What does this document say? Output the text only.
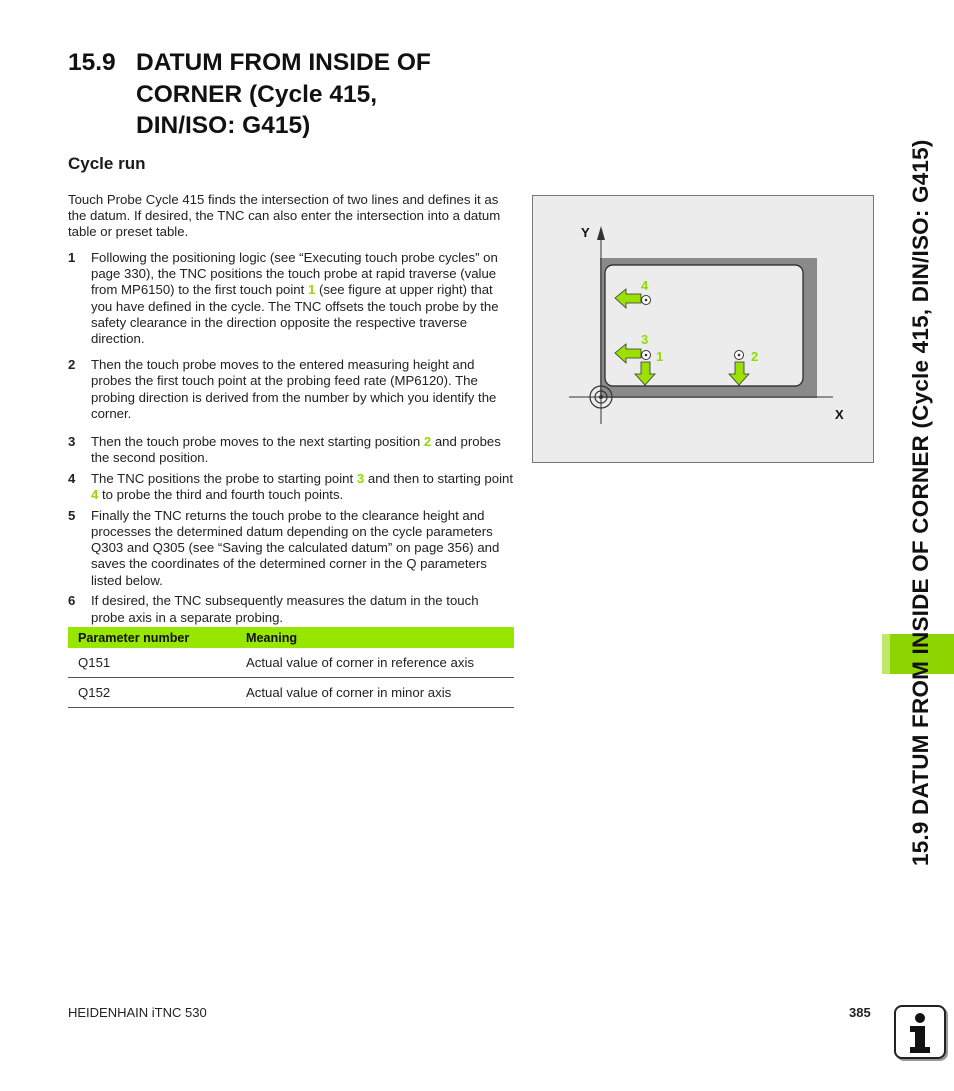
15.9 DATUM FROM INSIDE OF
CORNER (Cycle 415,
DIN/ISO: G415)
Cycle run
Touch Probe Cycle 415 finds the intersection of two lines and defines it as the datum. If desired, the TNC can also enter the intersection into a datum table or preset table.
1 Following the positioning logic (see “Executing touch probe cycles” on page 330), the TNC positions the touch probe at rapid traverse (value from MP6150) to the first touch point 1 (see figure at upper right) that you have defined in the cycle. The TNC offsets the touch probe by the safety clearance in the direction opposite the respective traverse direction.
2 Then the touch probe moves to the entered measuring height and probes the first touch point at the probing feed rate (MP6120). The probing direction is derived from the number by which you identify the corner.
3 Then the touch probe moves to the next starting position 2 and probes the second position.
4 The TNC positions the probe to starting point 3 and then to starting point 4 to probe the third and fourth touch points.
5 Finally the TNC returns the touch probe to the clearance height and processes the determined datum depending on the cycle parameters Q303 and Q305 (see “Saving the calculated datum” on page 356) and saves the coordinates of the determined corner in the Q parameters listed below.
6 If desired, the TNC subsequently measures the datum in the touch probe axis in a separate probing.
Parameter number	Meaning
Q151	Actual value of corner in reference axis
Q152	Actual value of corner in minor axis
Y
X
4
3
1	2	15.9 DATUM FROM INSIDE OF CORNER (Cycle 415, DIN/ISO: G415)
HEIDENHAIN iTNC 530	385
